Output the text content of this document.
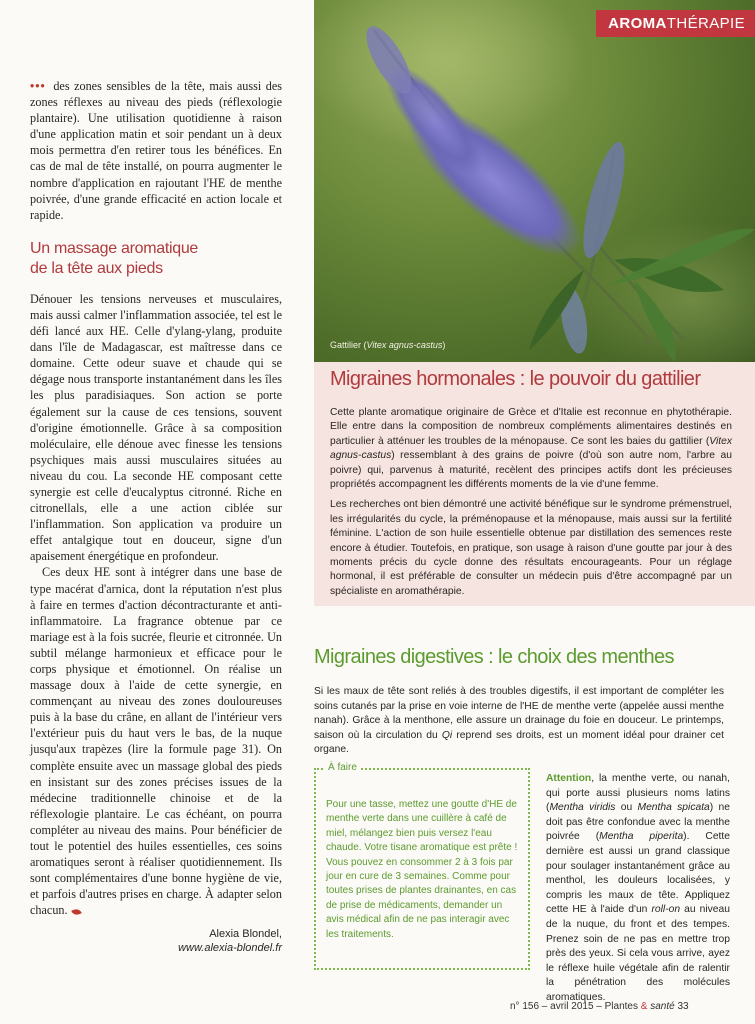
••• des zones sensibles de la tête, mais aussi des zones réflexes au niveau des pieds (réflexologie plantaire). Une utilisation quotidienne à raison d'une application matin et soir pendant un à deux mois permettra d'en retirer tous les bénéfices. En cas de mal de tête installé, on pourra augmenter le nombre d'application en rajoutant l'HE de menthe poivrée, d'une grande efficacité en action locale et rapide.

Un massage aromatique
de la tête aux pieds

Dénouer les tensions nerveuses et musculaires, mais aussi calmer l'inflammation associée, tel est le défi lancé aux HE. Celle d'ylang-ylang, produite dans l'île de Madagascar, est maîtresse dans ce domaine. Cette odeur suave et chaude qui se dégage nous transporte instantanément dans les îles les plus paradisiaques. Son action se porte également sur la cause de ces tensions, souvent d'origine émotionnelle. Grâce à sa composition moléculaire, elle dénoue avec finesse les tensions psychiques mais aussi musculaires situées au niveau du cou. La seconde HE composant cette synergie est celle d'eucalyptus citronné. Riche en citronellals, elle a une action ciblée sur l'inflammation. Son application va produire un effet antalgique tout en douceur, signe d'un apaisement énergétique en profondeur.

Ces deux HE sont à intégrer dans une base de type macérat d'arnica, dont la réputation n'est plus à faire en termes d'action décontracturante et anti-inflammatoire. La fragrance obtenue par ce mariage est à la fois sucrée, fleurie et citronnée. Un subtil mélange harmonieux et efficace pour le corps physique et émotionnel. On réalise un massage doux à l'aide de cette synergie, en commençant au niveau des zones douloureuses puis à la base du crâne, en allant de l'intérieur vers l'extérieur puis du haut vers le bas, de la nuque jusqu'aux trapèzes (lire la formule page 31). On complète ensuite avec un massage global des pieds en insistant sur des zones précises issues de la médecine traditionnelle chinoise et de la réflexologie plantaire. Le cas échéant, on pourra compléter au niveau des mains. Pour bénéficier de tout le potentiel des huiles essentielles, ces soins aromatiques seront à réaliser quotidiennement. Ils sont complémentaires d'une bonne hygiène de vie, et parfois d'autres prises en charge. À adapter selon chacun.

Alexia Blondel,
www.alexia-blondel.fr
AROMATHÉRAPIE
Gattilier (Vitex agnus-castus)
Migraines hormonales : le pouvoir du gattilier

Cette plante aromatique originaire de Grèce et d'Italie est reconnue en phytothérapie. Elle entre dans la composition de nombreux compléments alimentaires destinés en particulier à atténuer les troubles de la ménopause. Ce sont les baies du gattilier (Vitex agnus-castus) ressemblant à des grains de poivre (d'où son autre nom, l'arbre au poivre) qui, parvenus à maturité, recèlent des principes actifs dont les précieuses propriétés accompagnent les différents moments de la vie d'une femme.

Les recherches ont bien démontré une activité bénéfique sur le syndrome prémenstruel, les irrégularités du cycle, la préménopause et la ménopause, mais aussi sur la fertilité féminine. L'action de son huile essentielle obtenue par distillation des semences reste encore à étudier. Toutefois, en pratique, son usage à raison d'une goutte par jour à des moments précis du cycle donne des résultats encourageants. Pour un réglage hormonal, il est préférable de consulter un médecin puis d'être accompagné par un spécialiste en aromathérapie.

Migraines digestives : le choix des menthes
Si les maux de tête sont reliés à des troubles digestifs, il est important de compléter les soins cutanés par la prise en voie interne de l'HE de menthe verte (appelée aussi menthe nanah). Grâce à la menthone, elle assure un drainage du foie en douceur. Le printemps, saison où la circulation du Qi reprend ses droits, est un moment idéal pour drainer cet organe.
À faire

Pour une tasse, mettez une goutte d'HE de menthe verte dans une cuillère à café de miel, mélangez bien puis versez l'eau chaude. Votre tisane aromatique est prête ! Vous pouvez en consommer 2 à 3 fois par jour en cure de 3 semaines. Comme pour toutes prises de plantes drainantes, en cas de prise de médicaments, demander un avis médical afin de ne pas interagir avec les traitements.

Attention, la menthe verte, ou nanah, qui porte aussi plusieurs noms latins (Mentha viridis ou Mentha spicata) ne doit pas être confondue avec la menthe poivrée (Mentha piperita). Cette dernière est aussi un grand classique pour soulager instantanément grâce au menthol, les douleurs localisées, y compris les maux de tête. Appliquez cette HE à l'aide d'un roll-on au niveau de la nuque, du front et des tempes. Prenez soin de ne pas en mettre trop près des yeux. Si cela vous arrive, ayez le réflexe huile végétale afin de ralentir la pénétration des molécules aromatiques.
n° 156 – avril 2015 – Plantes & santé 33
